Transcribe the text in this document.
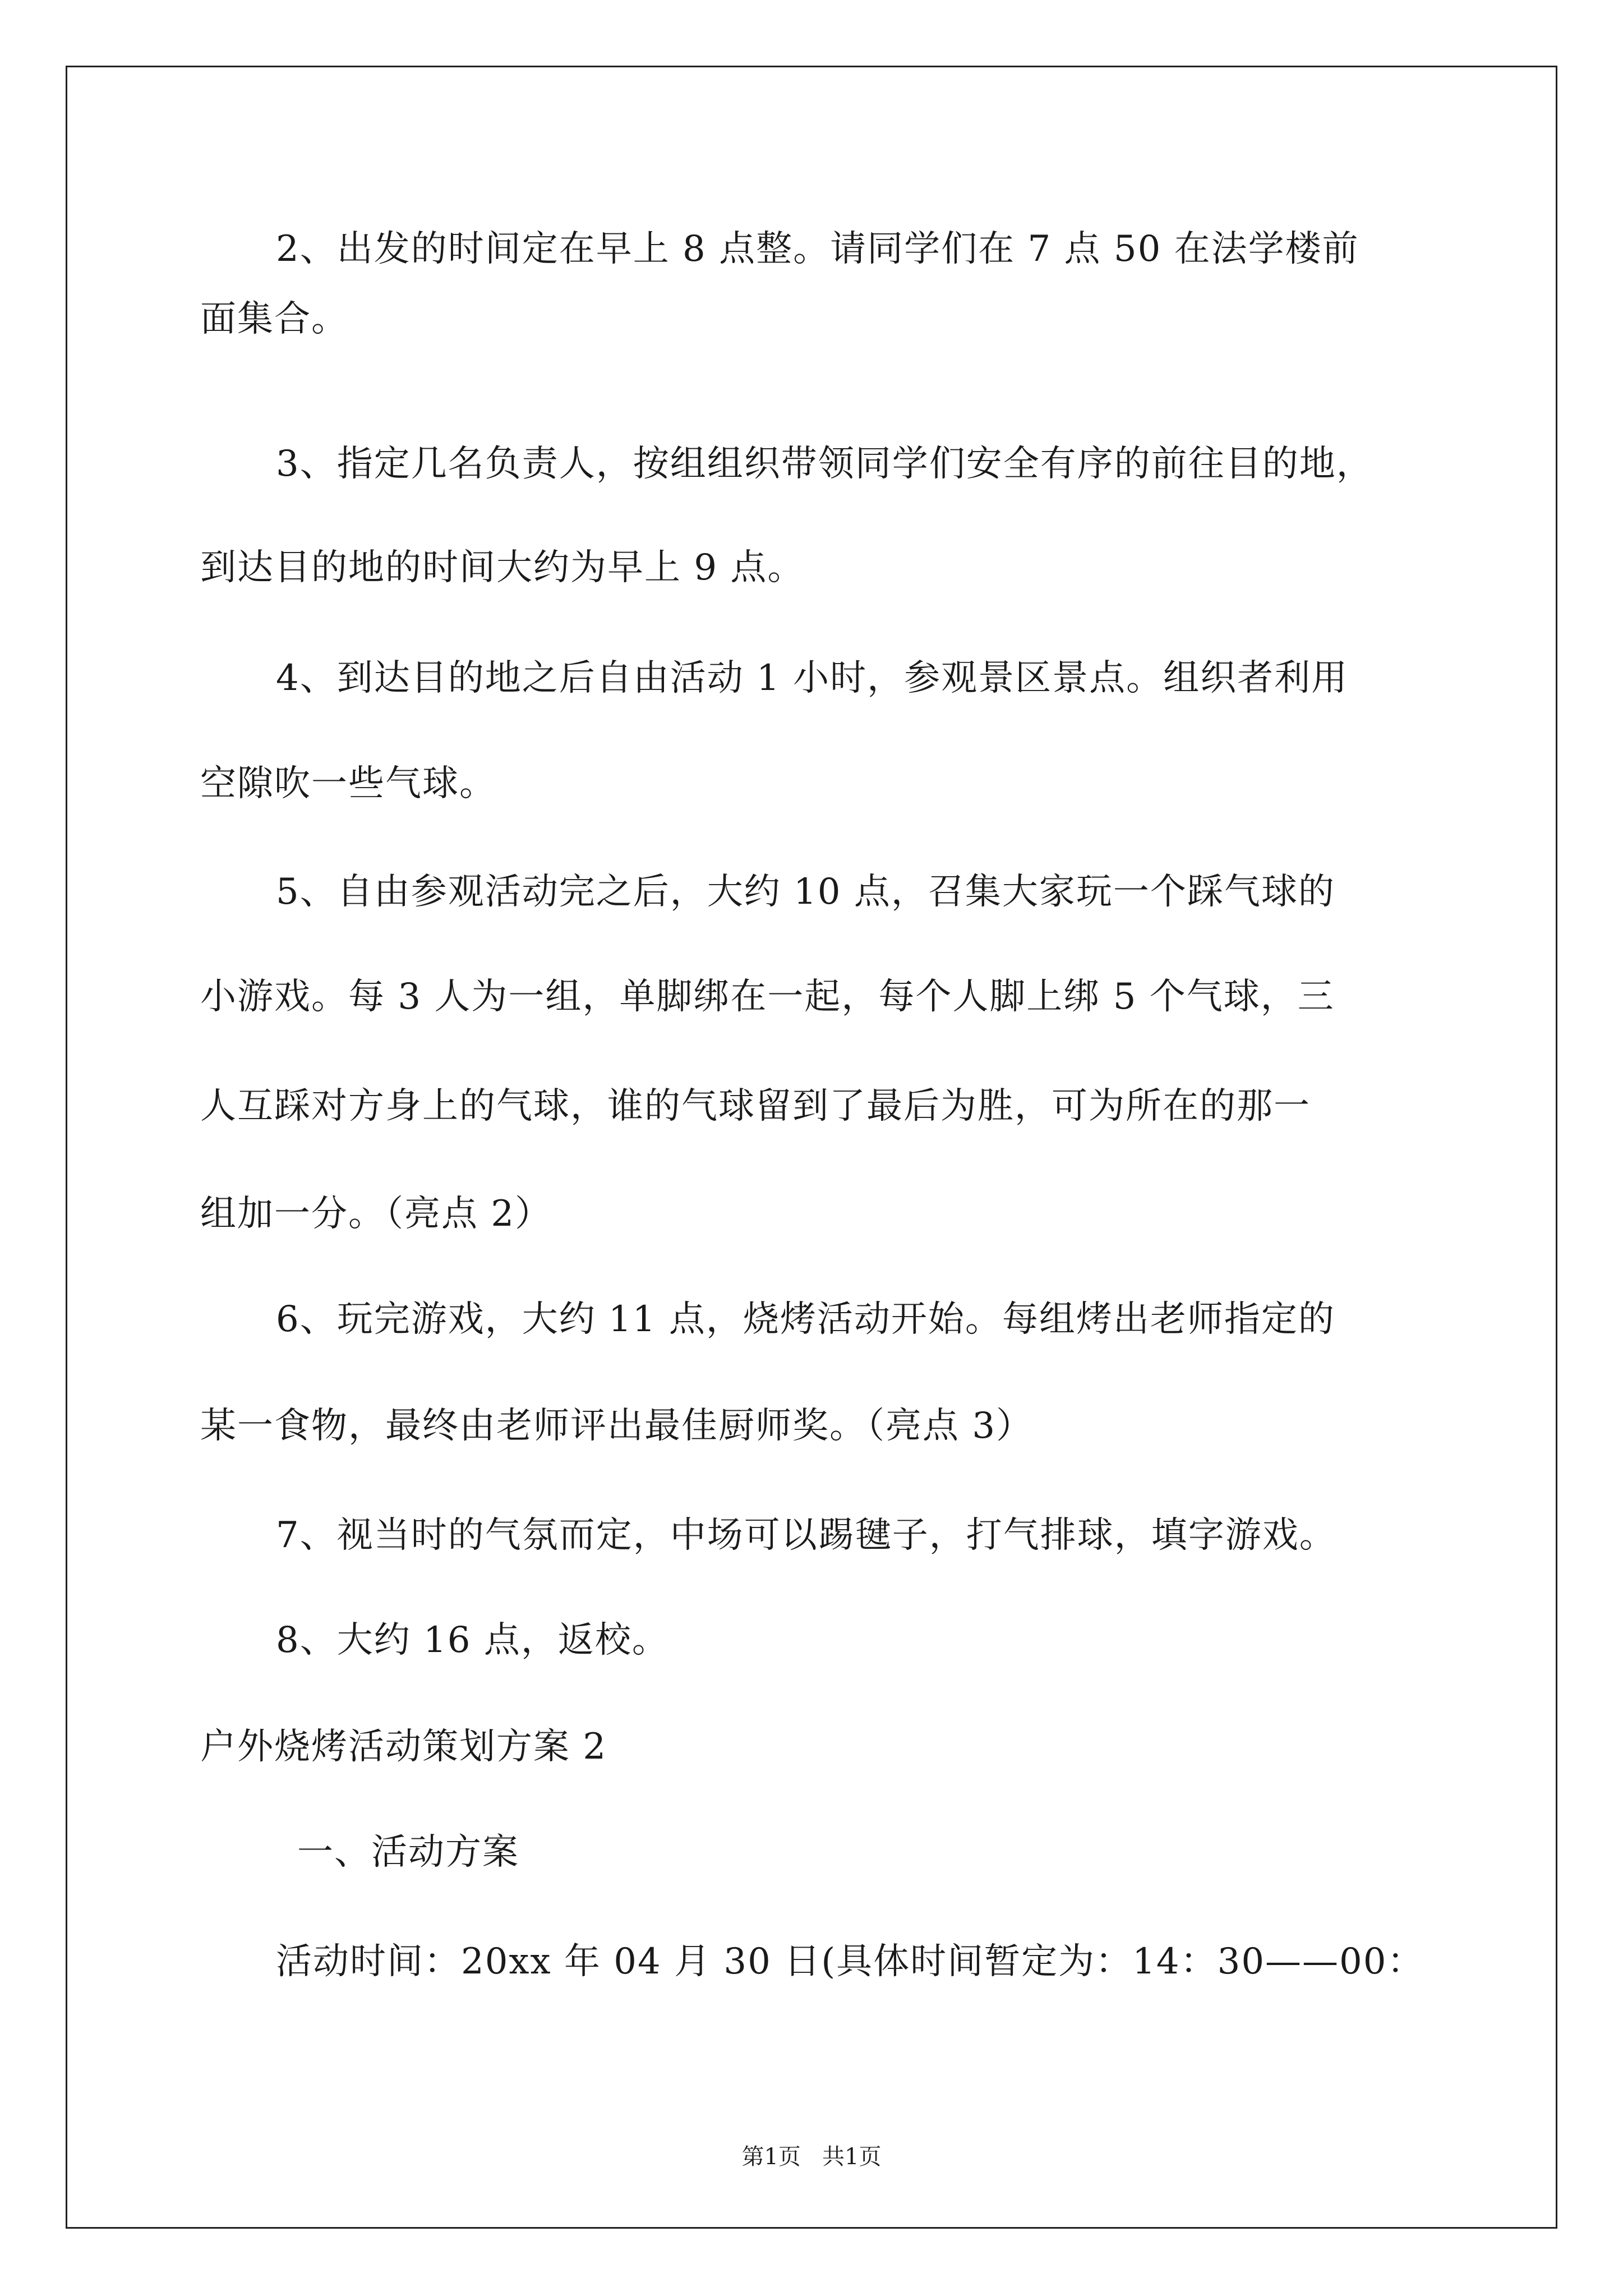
2、出发的时间定在早上 8 点整。请同学们在 7 点 50 在法学楼前
面集合。
3、指定几名负责人，按组组织带领同学们安全有序的前往目的地，
到达目的地的时间大约为早上 9 点。
4、到达目的地之后自由活动 1 小时，参观景区景点。组织者利用
空隙吹一些气球。
5、自由参观活动完之后，大约 10 点，召集大家玩一个踩气球的
小游戏。每 3 人为一组，单脚绑在一起，每个人脚上绑 5 个气球，三
人互踩对方身上的气球，谁的气球留到了最后为胜，可为所在的那一
组加一分。（亮点 2）
6、玩完游戏，大约 11 点，烧烤活动开始。每组烤出老师指定的
某一食物，最终由老师评出最佳厨师奖。（亮点 3）
7、视当时的气氛而定，中场可以踢毽子，打气排球，填字游戏。
8、大约 16 点，返校。
户外烧烤活动策划方案 2
一、活动方案
活动时间：20xx 年 04 月 30 日(具体时间暂定为：14：30——00：
第1页   共1页
